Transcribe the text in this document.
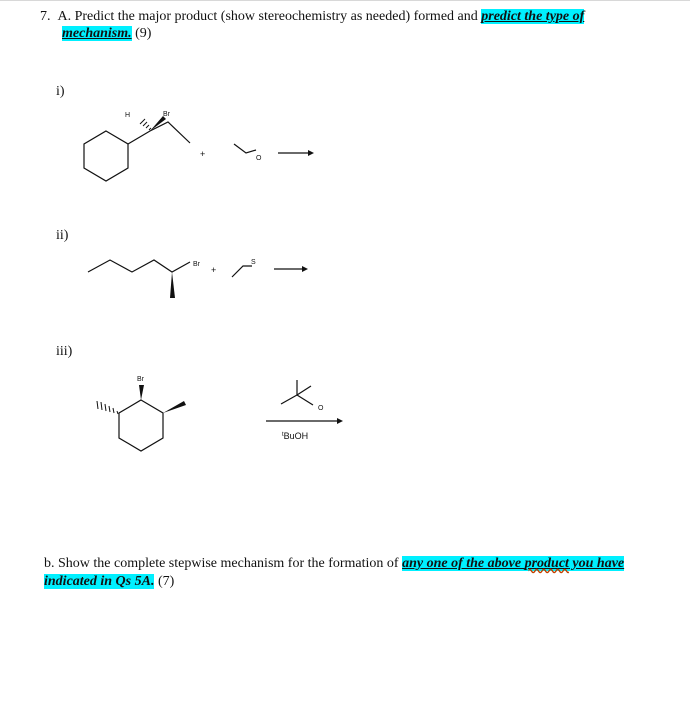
7. A. Predict the major product (show stereochemistry as needed) formed and predict the type of
mechanism. (9)
i)
ii)
iii)
H	Br
O
Br	S
Br
O
+
+
$^t$BuOH
b. Show the complete stepwise mechanism for the formation of any one of the above product you have
indicated in Qs 5A. (7)
